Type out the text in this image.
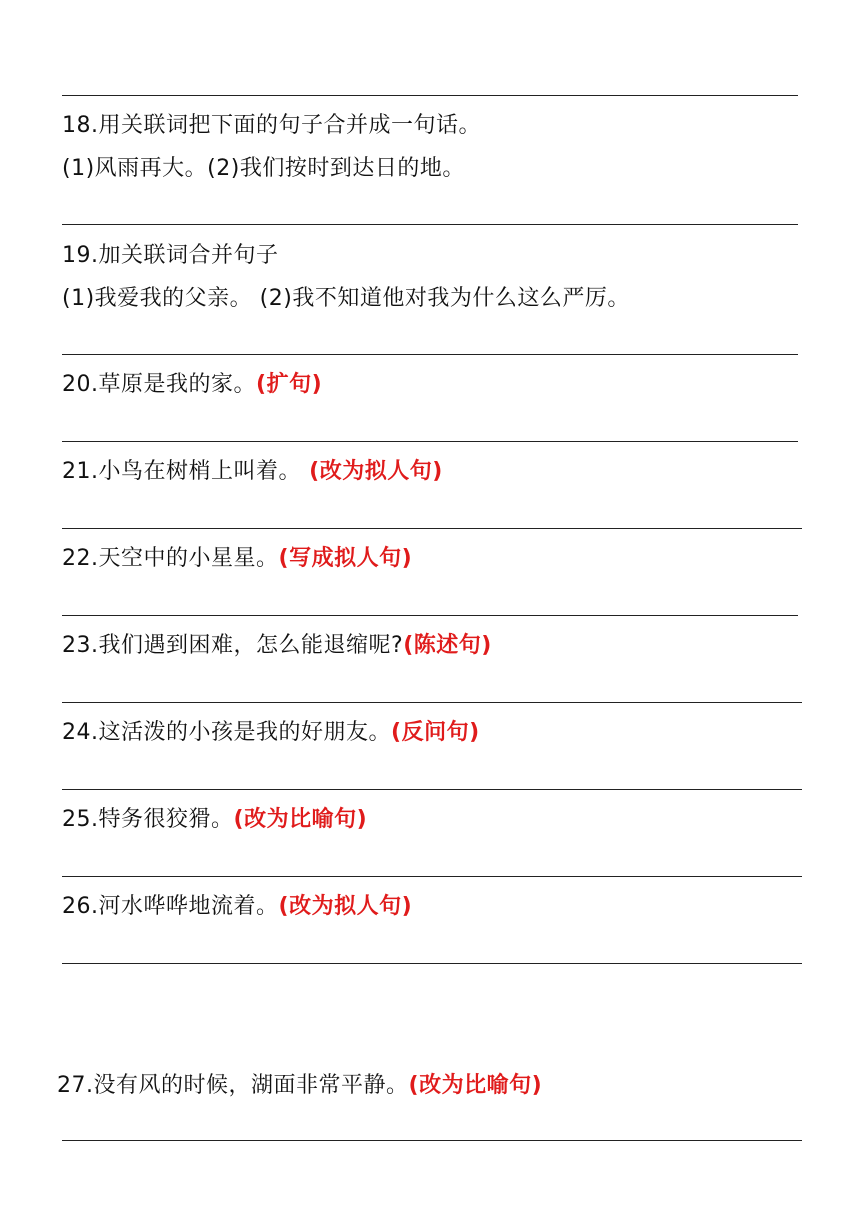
18.用关联词把下面的句子合并成一句话。
(1)风雨再大。(2)我们按时到达日的地。
19.加关联词合并句子
(1)我爱我的父亲。 (2)我不知道他对我为什么这么严厉。
20.草原是我的家。(扩句)
21.小鸟在树梢上叫着。 (改为拟人句)
22.天空中的小星星。(写成拟人句)
23.我们遇到困难，怎么能退缩呢?(陈述句)
24.这活泼的小孩是我的好朋友。(反问句)
25.特务很狡猾。(改为比喻句)
26.河水哗哗地流着。(改为拟人句)
27.没有风的时候，湖面非常平静。(改为比喻句)
